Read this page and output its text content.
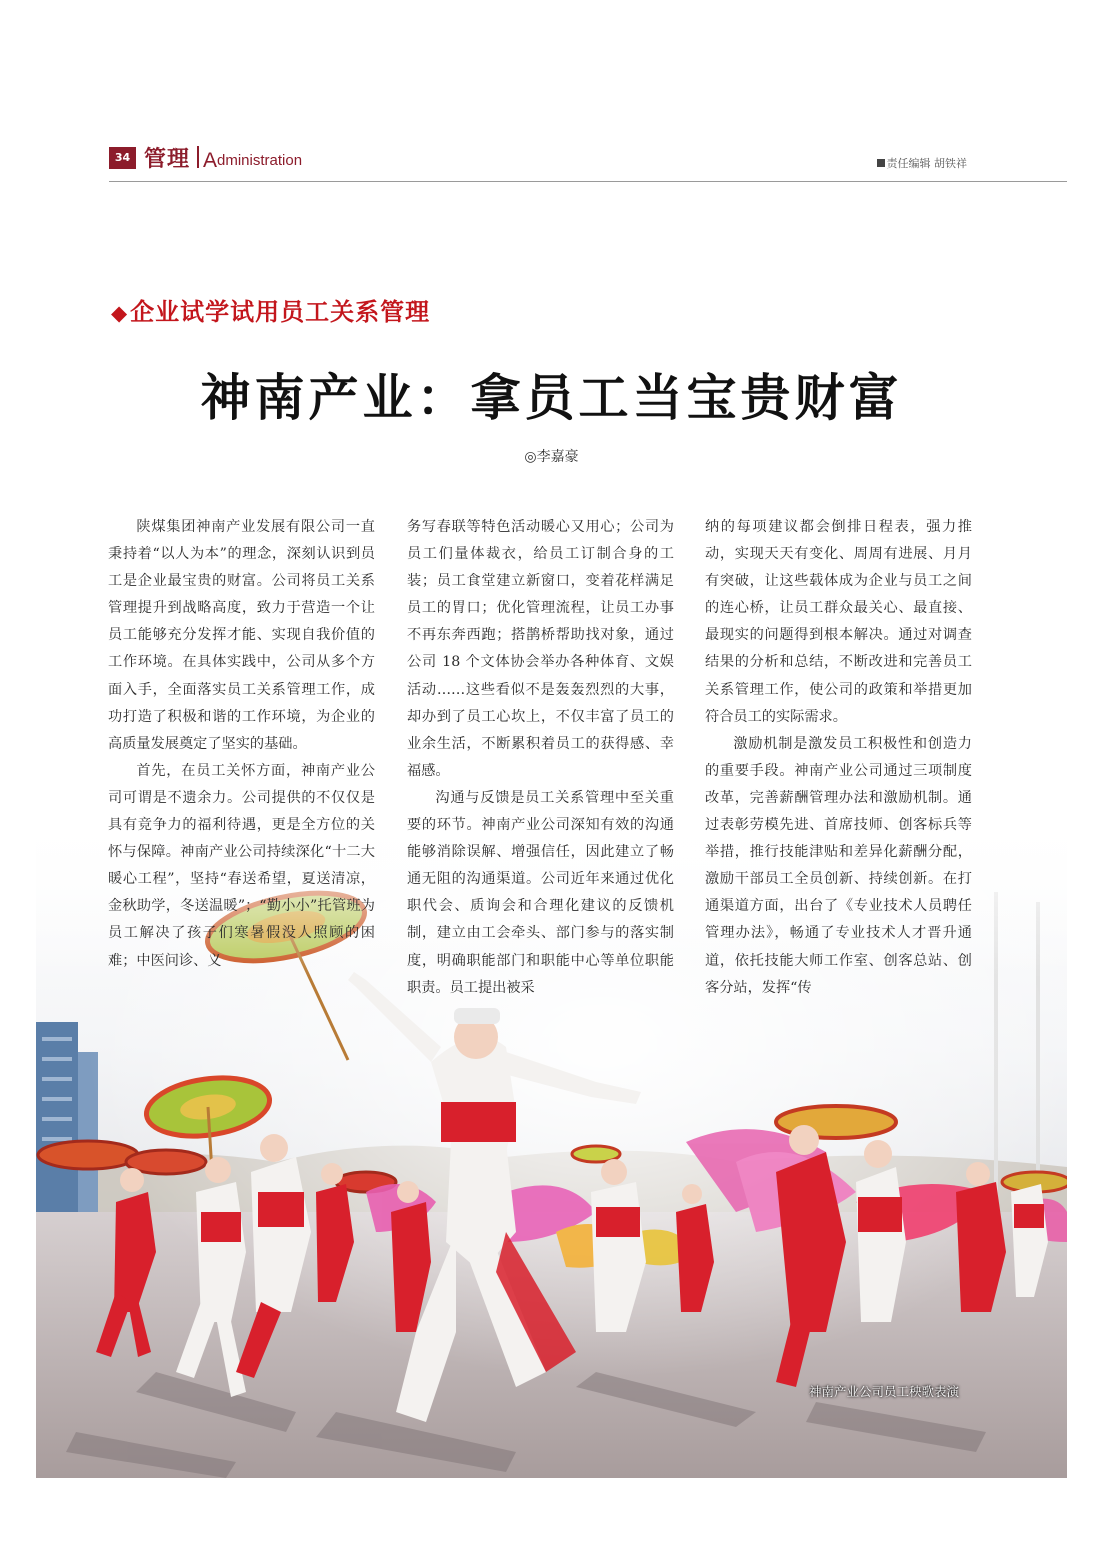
34 管理 Administration	责任编辑 胡铁祥
◆企业试学试用员工关系管理
神南产业：拿员工当宝贵财富
◎李嘉豪
神南产业公司员工秧歌表演

陕煤集团神南产业发展有限公司一直秉持着“以人为本”的理念，深刻认识到员工是企业最宝贵的财富。公司将员工关系管理提升到战略高度，致力于营造一个让员工能够充分发挥才能、实现自我价值的工作环境。在具体实践中，公司从多个方面入手，全面落实员工关系管理工作，成功打造了积极和谐的工作环境，为企业的高质量发展奠定了坚实的基础。

首先，在员工关怀方面，神南产业公司可谓是不遗余力。公司提供的不仅仅是具有竞争力的福利待遇，更是全方位的关怀与保障。神南产业公司持续深化“十二大暖心工程”，坚持“春送希望，夏送清凉，金秋助学，冬送温暖”；“勤小小”托管班为员工解决了孩子们寒暑假没人照顾的困难；中医问诊、义

务写春联等特色活动暖心又用心；公司为员工们量体裁衣，给员工订制合身的工装；员工食堂建立新窗口，变着花样满足员工的胃口；优化管理流程，让员工办事不再东奔西跑；搭鹊桥帮助找对象，通过公司 18 个文体协会举办各种体育、文娱活动……这些看似不是轰轰烈烈的大事，却办到了员工心坎上，不仅丰富了员工的业余生活，不断累积着员工的获得感、幸福感。

沟通与反馈是员工关系管理中至关重要的环节。神南产业公司深知有效的沟通能够消除误解、增强信任，因此建立了畅通无阻的沟通渠道。公司近年来通过优化职代会、质询会和合理化建议的反馈机制，建立由工会牵头、部门参与的落实制度，明确职能部门和职能中心等单位职能职责。员工提出被采

纳的每项建议都会倒排日程表，强力推动，实现天天有变化、周周有进展、月月有突破，让这些载体成为企业与员工之间的连心桥，让员工群众最关心、最直接、最现实的问题得到根本解决。通过对调查结果的分析和总结，不断改进和完善员工关系管理工作，使公司的政策和举措更加符合员工的实际需求。

激励机制是激发员工积极性和创造力的重要手段。神南产业公司通过三项制度改革，完善薪酬管理办法和激励机制。通过表彰劳模先进、首席技师、创客标兵等举措，推行技能津贴和差异化薪酬分配，激励干部员工全员创新、持续创新。在打通渠道方面，出台了《专业技术人员聘任管理办法》，畅通了专业技术人才晋升通道，依托技能大师工作室、创客总站、创客分站，发挥“传
